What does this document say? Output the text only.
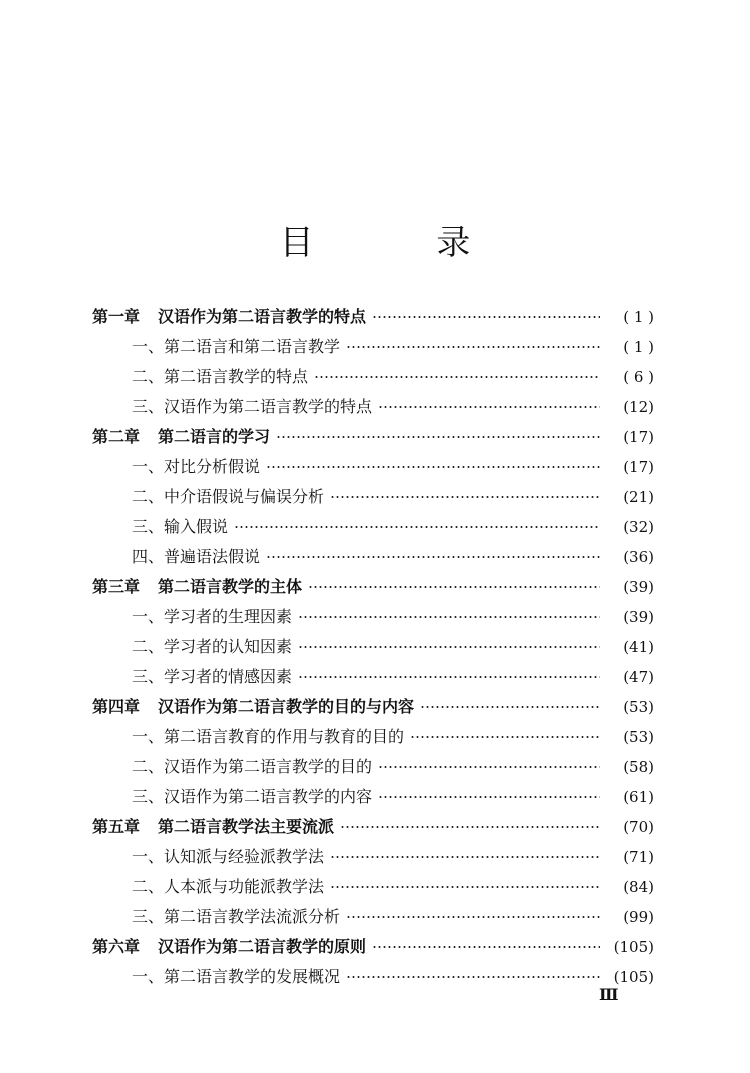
目 录
第一章 汉语作为第二语言教学的特点	( 1 )
一、第二语言和第二语言教学	( 1 )
二、第二语言教学的特点	( 6 )
三、汉语作为第二语言教学的特点	(12)
第二章 第二语言的学习	(17)
一、对比分析假说	(17)
二、中介语假说与偏误分析	(21)
三、输入假说	(32)
四、普遍语法假说	(36)
第三章 第二语言教学的主体	(39)
一、学习者的生理因素	(39)
二、学习者的认知因素	(41)
三、学习者的情感因素	(47)
第四章 汉语作为第二语言教学的目的与内容	(53)
一、第二语言教育的作用与教育的目的	(53)
二、汉语作为第二语言教学的目的	(58)
三、汉语作为第二语言教学的内容	(61)
第五章 第二语言教学法主要流派	(70)
一、认知派与经验派教学法	(71)
二、人本派与功能派教学法	(84)
三、第二语言教学法流派分析	(99)
第六章 汉语作为第二语言教学的原则	(105)
一、第二语言教学的发展概况	(105)
Ⅲ
